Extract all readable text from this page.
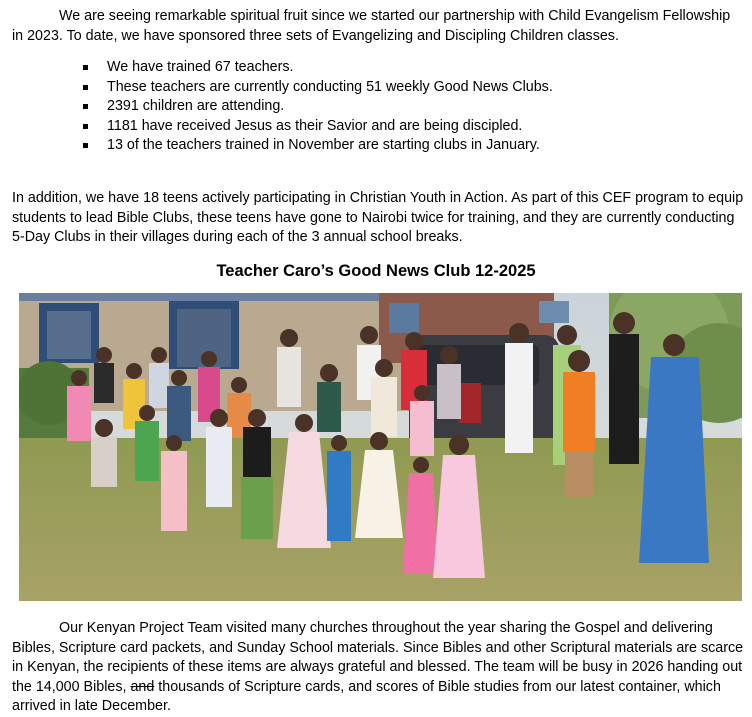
We are seeing remarkable spiritual fruit since we started our partnership with Child Evangelism Fellowship in 2023. To date, we have sponsored three sets of Evangelizing and Discipling Children classes.

We have trained 67 teachers.
These teachers are currently conducting 51 weekly Good News Clubs.
2391 children are attending.
1181 have received Jesus as their Savior and are being discipled.
13 of the teachers trained in November are starting clubs in January.

In addition, we have 18 teens actively participating in Christian Youth in Action. As part of this CEF program to equip students to lead Bible Clubs, these teens have gone to Nairobi twice for training, and they are currently conducting 5-Day Clubs in their villages during each of the 3 annual school breaks.

Teacher Caro’s Good News Club 12-2025

Our Kenyan Project Team visited many churches throughout the year sharing the Gospel and delivering Bibles, Scripture card packets, and Sunday School materials. Since Bibles and other Scriptural materials are scarce in Kenyan, the recipients of these items are always grateful and blessed. The team will be busy in 2026 handing out the 14,000 Bibles, and thousands of Scripture cards, and scores of Bible studies from our latest container, which arrived in late December.
